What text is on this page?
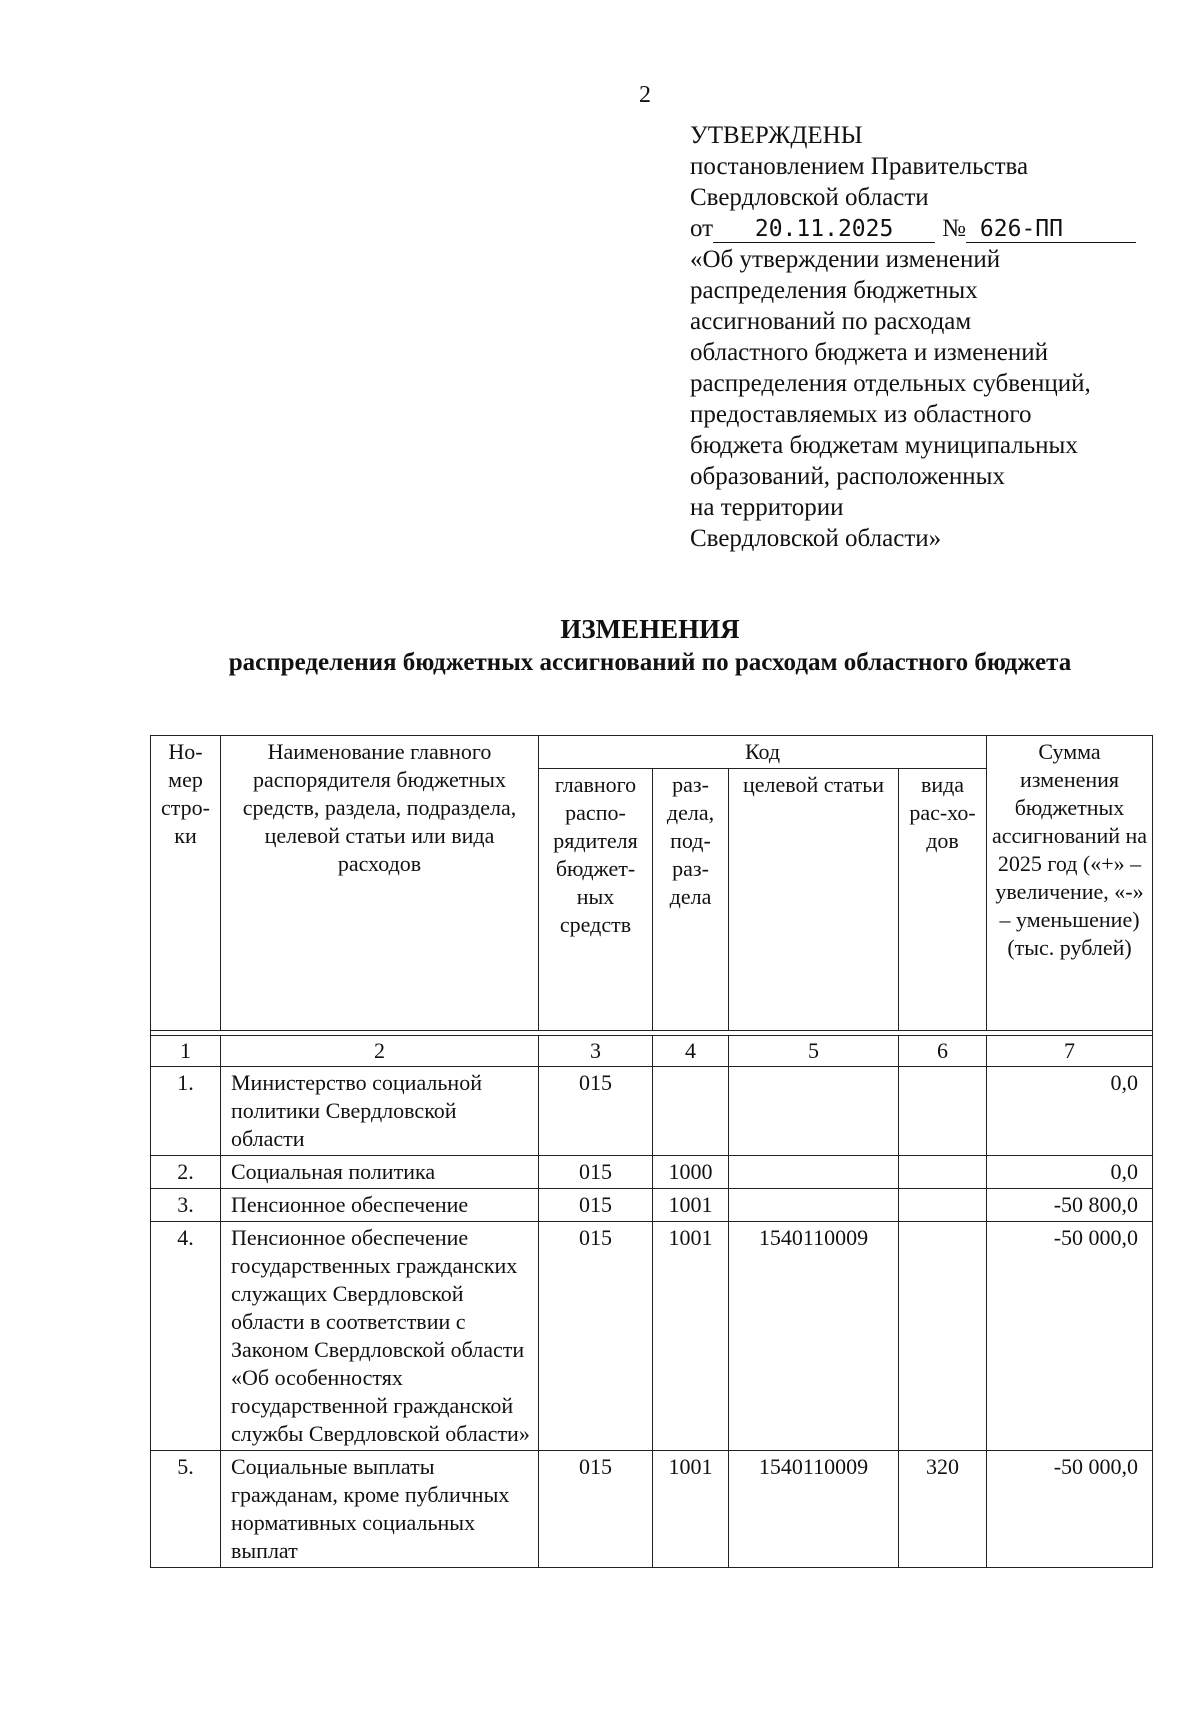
2
УТВЕРЖДЕНЫ
постановлением Правительства
Свердловской области
от 20.11.2025 № 626-ПП
«Об утверждении изменений
распределения бюджетных
ассигнований по расходам
областного бюджета и изменений
распределения отдельных субвенций,
предоставляемых из областного
бюджета бюджетам муниципальных
образований, расположенных
на территории
Свердловской области»
ИЗМЕНЕНИЯ
распределения бюджетных ассигнований по расходам областного бюджета
Но-мер стро-ки	Наименование главного распорядителя бюджетных средств, раздела, подраздела, целевой статьи или вида расходов	Код				Сумма изменения бюджетных ассигнований на 2025 год («+» – увеличение, «-» – уменьшение) (тыс. рублей)
		главного распо-рядителя бюджет-ных средств	раз-дела, под-раз-дела	целевой статьи	вида рас-хо-дов	

1	2	3	4	5	6	7
1.	Министерство социальной политики Свердловской области	015				0,0
2.	Социальная политика	015	1000			0,0
3.	Пенсионное обеспечение	015	1001			-50 800,0
4.	Пенсионное обеспечение государственных гражданских служащих Свердловской области в соответствии с Законом Свердловской области «Об особенностях государственной гражданской службы Свердловской области»	015	1001	1540110009		-50 000,0
5.	Социальные выплаты гражданам, кроме публичных нормативных социальных выплат	015	1001	1540110009	320	-50 000,0
